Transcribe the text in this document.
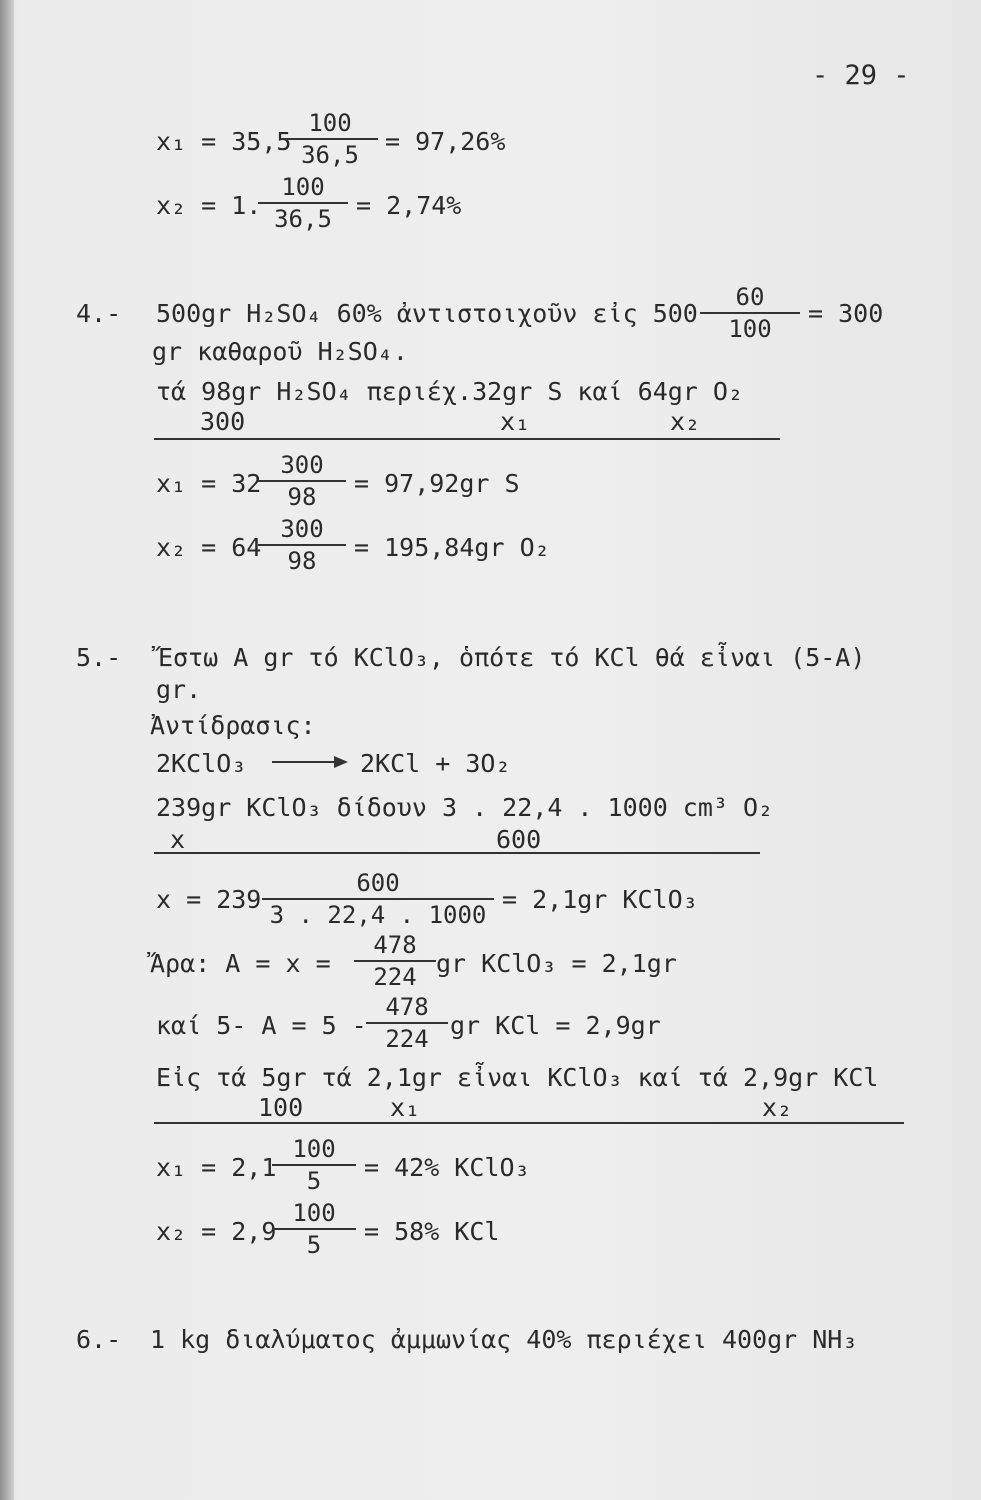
- 29 -
x₁ = 35,5
100
36,5	= 97,26%
x₂ = 1.
100
36,5 = 2,74%
4.- 500gr H₂SO₄ 60% ἀντιστοιχοῦν εἰς 500
60
100
= 300
gr καθαροῦ H₂SO₄.
τά 98gr H₂SO₄ περιέχ.32gr S καί 64gr O₂
300	x₁	x₂
x₁ = 32
300
98	= 97,92gr S
x₂ = 64
300
98	= 195,84gr O₂
5.- Ἔστω A gr τό KClO₃, ὁπότε τό KCl θά εἶναι (5-A)
gr.
Ἀντίδρασις:
2KClO₃	2KCl + 3O₂
239gr KClO₃ δίδουν 3 . 22,4 . 1000 cm³ O₂
x	600
x = 239
600
3 . 22,4 . 1000
= 2,1gr KClO₃
Ἄρα: A = x =
478
224 gr KClO₃ = 2,1gr
καί 5- A = 5 -
478
224 gr KCl = 2,9gr
Εἰς τά 5gr τά 2,1gr εἶναι KClO₃ καί τά 2,9gr KCl
100	x₁	x₂
x₁ = 2,1
100
5	= 42% KClO₃
x₂ = 2,9
100
5	= 58% KCl
6.- 1 kg διαλύματος ἀμμωνίας 40% περιέχει 400gr NH₃
